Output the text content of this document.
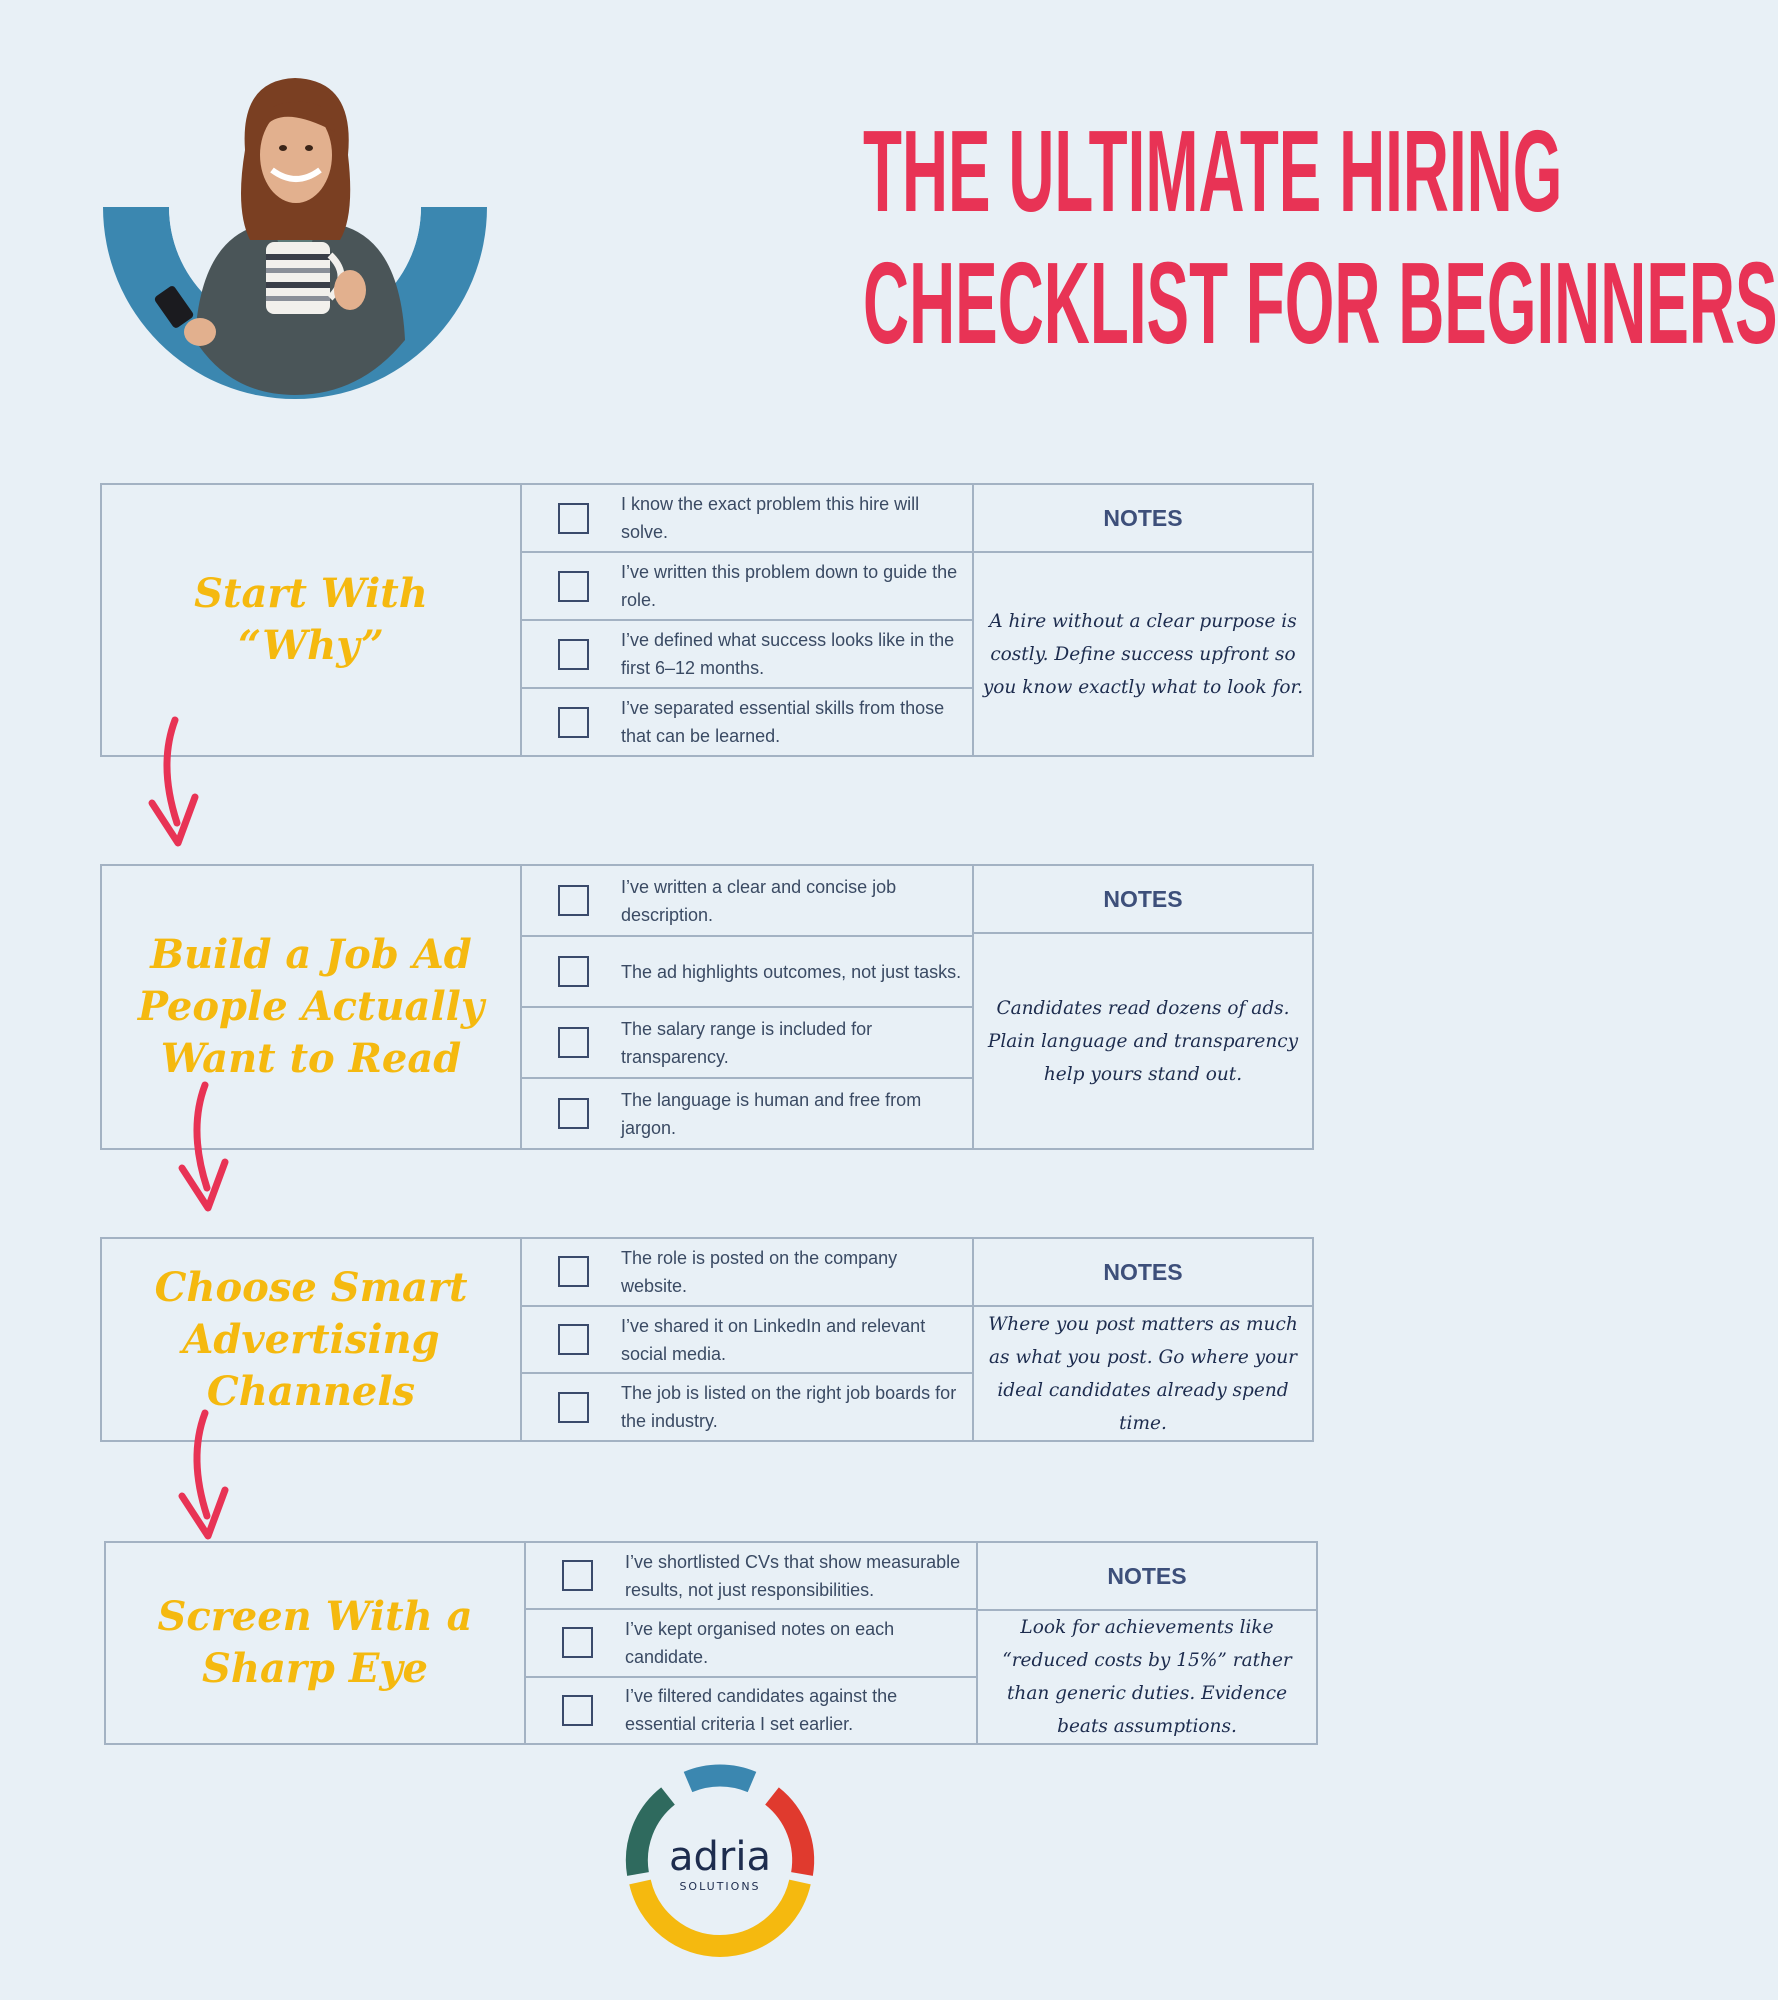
THE ULTIMATE HIRING
CHECKLIST FOR BEGINNERS
Start With “Why”
I know the exact problem this hire will solve.
I’ve written this problem down to guide the role.
I’ve defined what success looks like in the first 6–12 months.
I’ve separated essential skills from those that can be learned.
NOTES
A hire without a clear purpose is costly. Define success upfront so you know exactly what to look for.
Build a Job Ad People Actually Want to Read
I’ve written a clear and concise job description.
The ad highlights outcomes, not just tasks.
The salary range is included for transparency.
The language is human and free from jargon.
NOTES
Candidates read dozens of ads. Plain language and transparency help yours stand out.
Choose Smart Advertising Channels
The role is posted on the company website.
I’ve shared it on LinkedIn and relevant social media.
The job is listed on the right job boards for the industry.
NOTES
Where you post matters as much as what you post. Go where your ideal candidates already spend time.
Screen With a Sharp Eye
I’ve shortlisted CVs that show measurable results, not just responsibilities.
I’ve kept organised notes on each candidate.
I’ve filtered candidates against the essential criteria I set earlier.
NOTES
Look for achievements like “reduced costs by 15%” rather than generic duties. Evidence beats assumptions.
adria
SOLUTIONS
